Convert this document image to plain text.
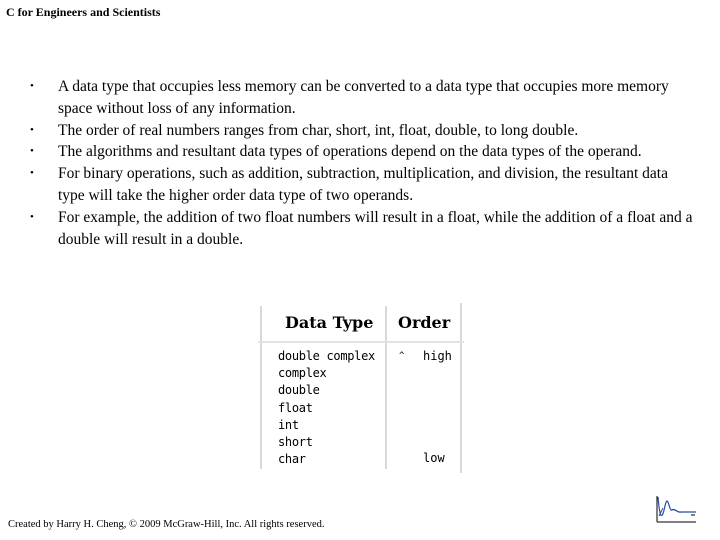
C for Engineers and Scientists
• A data type that occupies less memory can be converted to a data type that occupies more memory space without loss of any information.
• The order of real numbers ranges from char, short, int, float, double, to long double.
• The algorithms and resultant data types of operations depend on the data types of the operand.
• For binary operations, such as addition, subtraction, multiplication, and division, the resultant data type will take the higher order data type of two operands.
• For example, the addition of two float numbers will result in a float, while the addition of a float and a double will result in a double.
Data Type Order
double complex
complex
double
float
int
short
char
^ high
low
Created by Harry H. Cheng, © 2009 McGraw-Hill, Inc. All rights reserved.
